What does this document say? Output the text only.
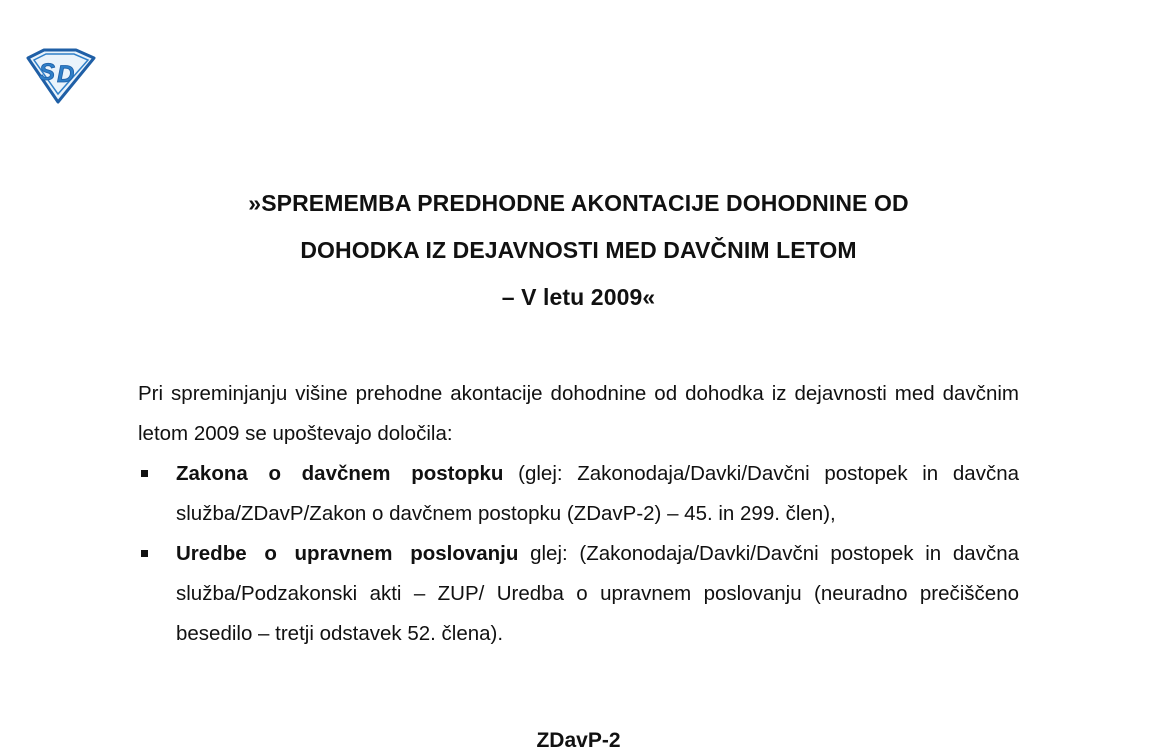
S D
»SPREMEMBA PREDHODNE AKONTACIJE DOHODNINE OD
DOHODKA IZ DEJAVNOSTI MED DAVČNIM LETOM
– V letu 2009«

Pri spreminjanju višine prehodne akontacije dohodnine od dohodka iz dejavnosti med davčnim letom 2009 se upoštevajo določila:

Zakona o davčnem postopku (glej: Zakonodaja/Davki/Davčni postopek in davčna služba/ZDavP/Zakon o davčnem postopku (ZDavP-2) – 45. in 299. člen),
Uredbe o upravnem poslovanju glej: (Zakonodaja/Davki/Davčni postopek in davčna služba/Podzakonski akti – ZUP/ Uredba o upravnem poslovanju (neuradno prečiščeno besedilo – tretji odstavek 52. člena).
ZDavP-2
